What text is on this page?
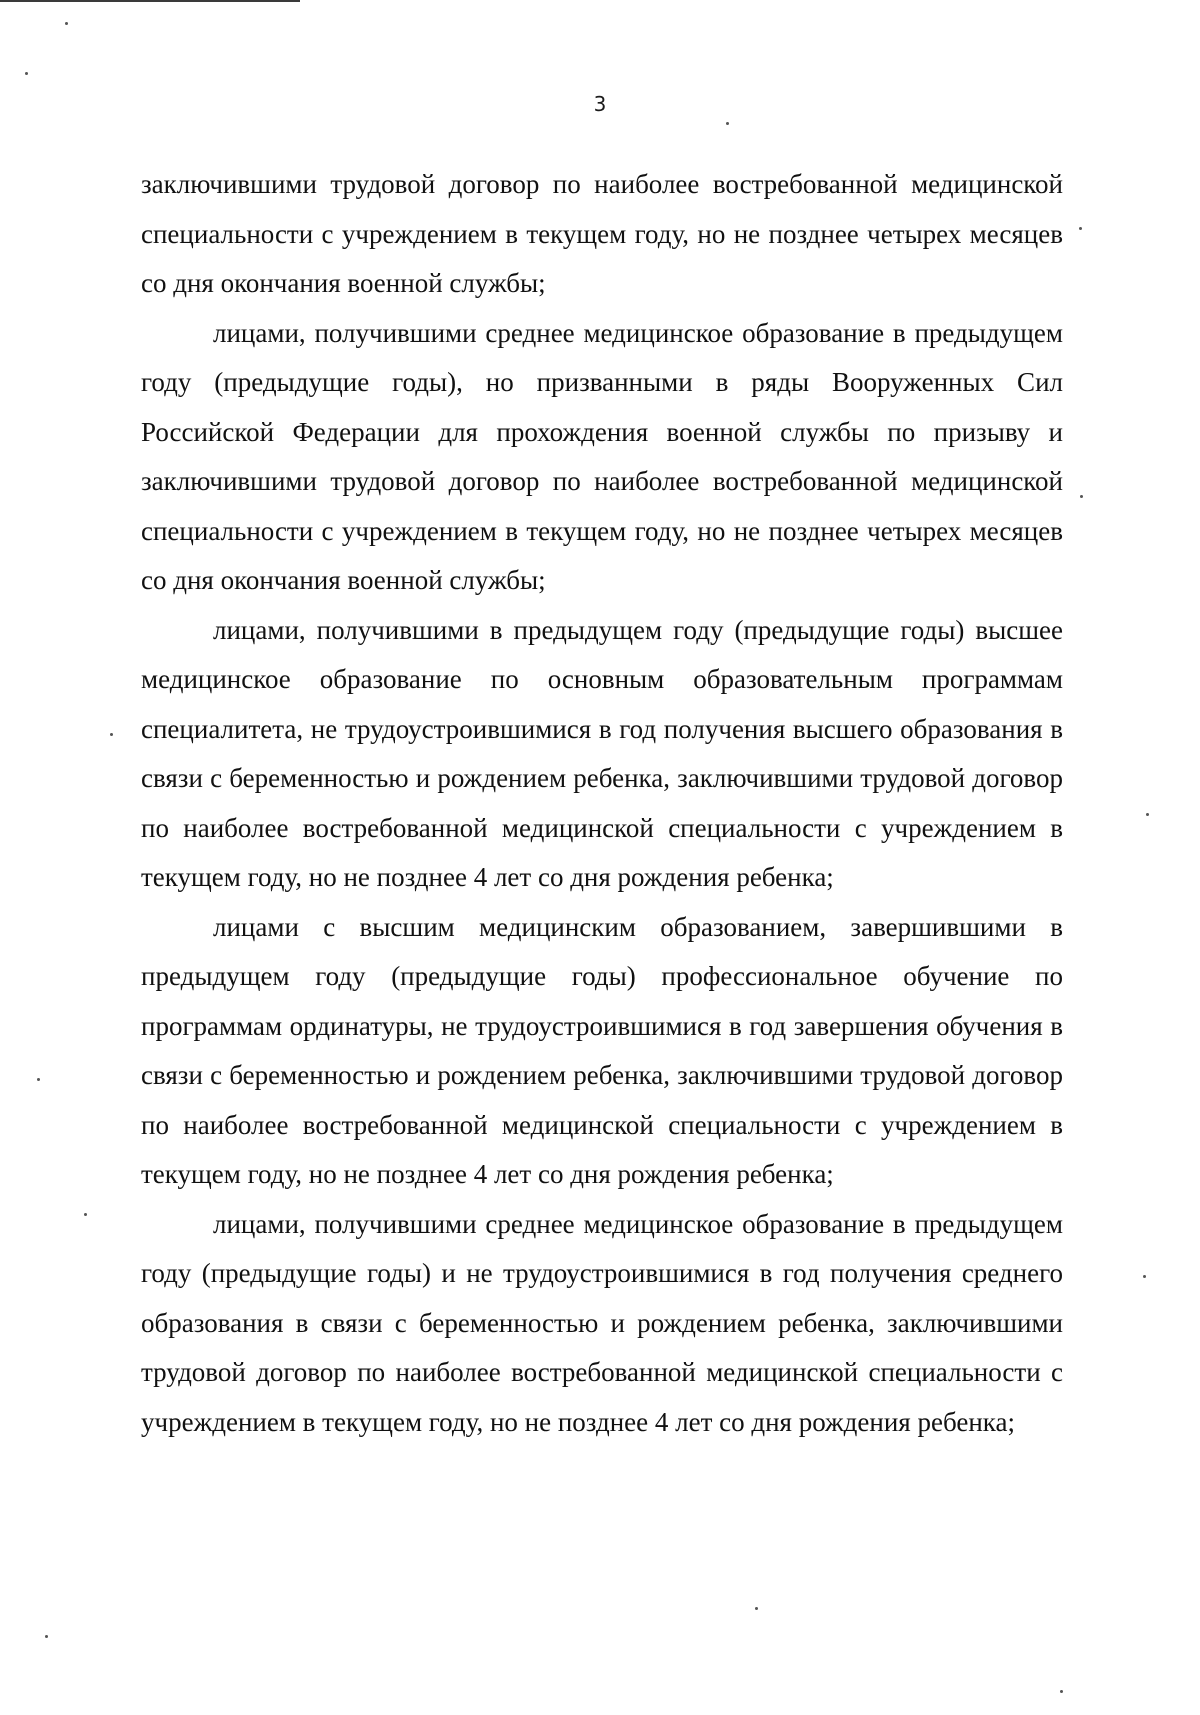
3

заключившими трудовой договор по наиболее востребованной медицинской специальности с учреждением в текущем году, но не позднее четырех месяцев со дня окончания военной службы;

лицами, получившими среднее медицинское образование в предыдущем году (предыдущие годы), но призванными в ряды Вооруженных Сил Российской Федерации для прохождения военной службы по призыву и заключившими трудовой договор по наиболее востребованной медицинской специальности с учреждением в текущем году, но не позднее четырех месяцев со дня окончания военной службы;

лицами, получившими в предыдущем году (предыдущие годы) высшее медицинское образование по основным образовательным программам специалитета, не трудоустроившимися в год получения высшего образования в связи с беременностью и рождением ребенка, заключившими трудовой договор по наиболее востребованной медицинской специальности с учреждением в текущем году, но не позднее 4 лет со дня рождения ребенка;

лицами с высшим медицинским образованием, завершившими в предыдущем году (предыдущие годы) профессиональное обучение по программам ординатуры, не трудоустроившимися в год завершения обучения в связи с беременностью и рождением ребенка, заключившими трудовой договор по наиболее востребованной медицинской специальности с учреждением в текущем году, но не позднее 4 лет со дня рождения ребенка;

лицами, получившими среднее медицинское образование в предыдущем году (предыдущие годы) и не трудоустроившимися в год получения среднего образования в связи с беременностью и рождением ребенка, заключившими трудовой договор по наиболее востребованной медицинской специальности с учреждением в текущем году, но не позднее 4 лет со дня рождения ребенка;
